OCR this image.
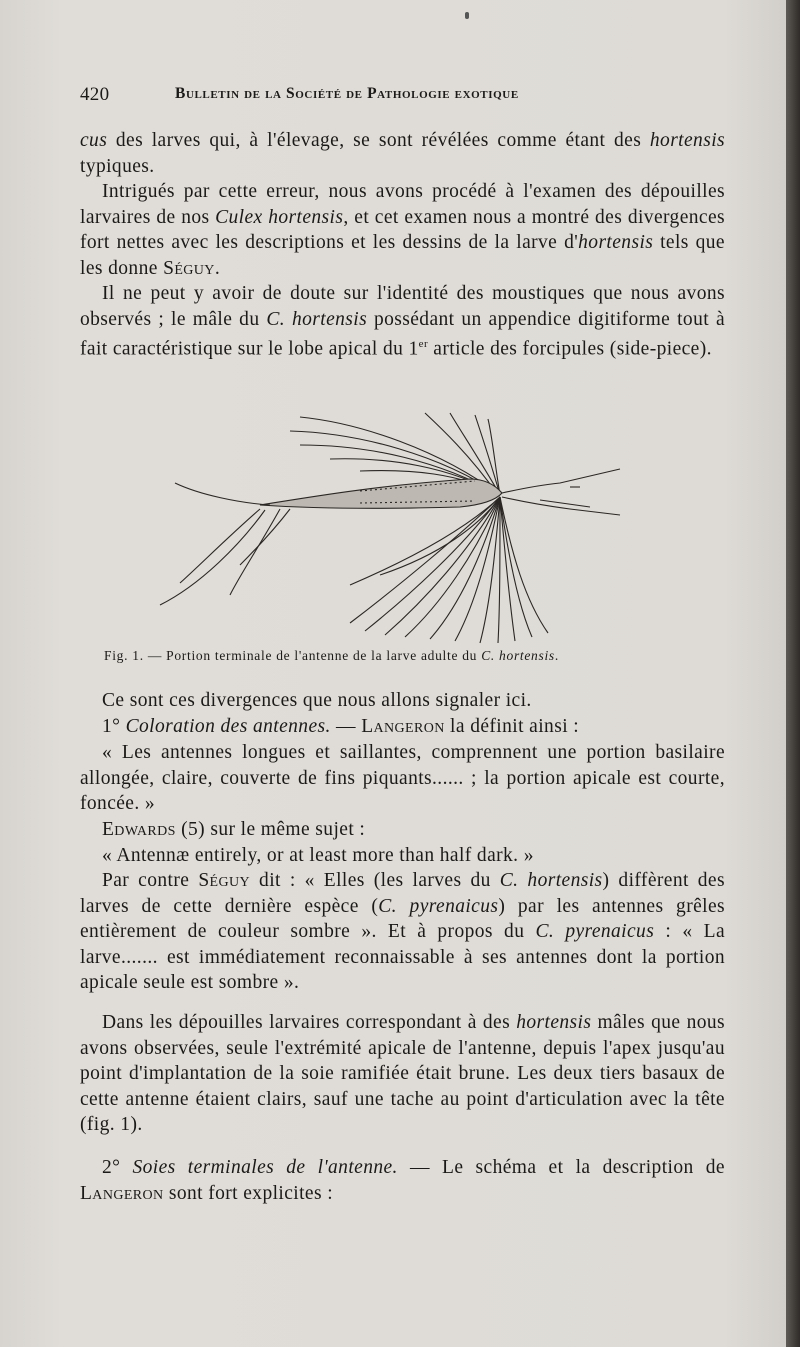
420	Bulletin de la Société de Pathologie exotique

cus des larves qui, à l'élevage, se sont révélées comme étant des hortensis typiques.

Intrigués par cette erreur, nous avons procédé à l'examen des dépouilles larvaires de nos Culex hortensis, et cet examen nous a montré des divergences fort nettes avec les descriptions et les dessins de la larve d'hortensis tels que les donne Séguy.

Il ne peut y avoir de doute sur l'identité des moustiques que nous avons observés ; le mâle du C. hortensis possédant un appendice digitiforme tout à fait caractéristique sur le lobe apical du 1er article des forcipules (side-piece).

Fig. 1. — Portion terminale de l'antenne de la larve adulte du C. hortensis.

Ce sont ces divergences que nous allons signaler ici.

1° Coloration des antennes. — Langeron la définit ainsi :

« Les antennes longues et saillantes, comprennent une portion basilaire allongée, claire, couverte de fins piquants...... ; la portion apicale est courte, foncée. »

Edwards (5) sur le même sujet :

« Antennæ entirely, or at least more than half dark. »

Par contre Séguy dit : « Elles (les larves du C. hortensis) diffèrent des larves de cette dernière espèce (C. pyrenaicus) par les antennes grêles entièrement de couleur sombre ». Et à propos du C. pyrenaicus : « La larve....... est immédiatement reconnaissable à ses antennes dont la portion apicale seule est sombre ».

Dans les dépouilles larvaires correspondant à des hortensis mâles que nous avons observées, seule l'extrémité apicale de l'antenne, depuis l'apex jusqu'au point d'implantation de la soie ramifiée était brune. Les deux tiers basaux de cette antenne étaient clairs, sauf une tache au point d'articulation avec la tête (fig. 1).

2° Soies terminales de l'antenne. — Le schéma et la description de Langeron sont fort explicites :
